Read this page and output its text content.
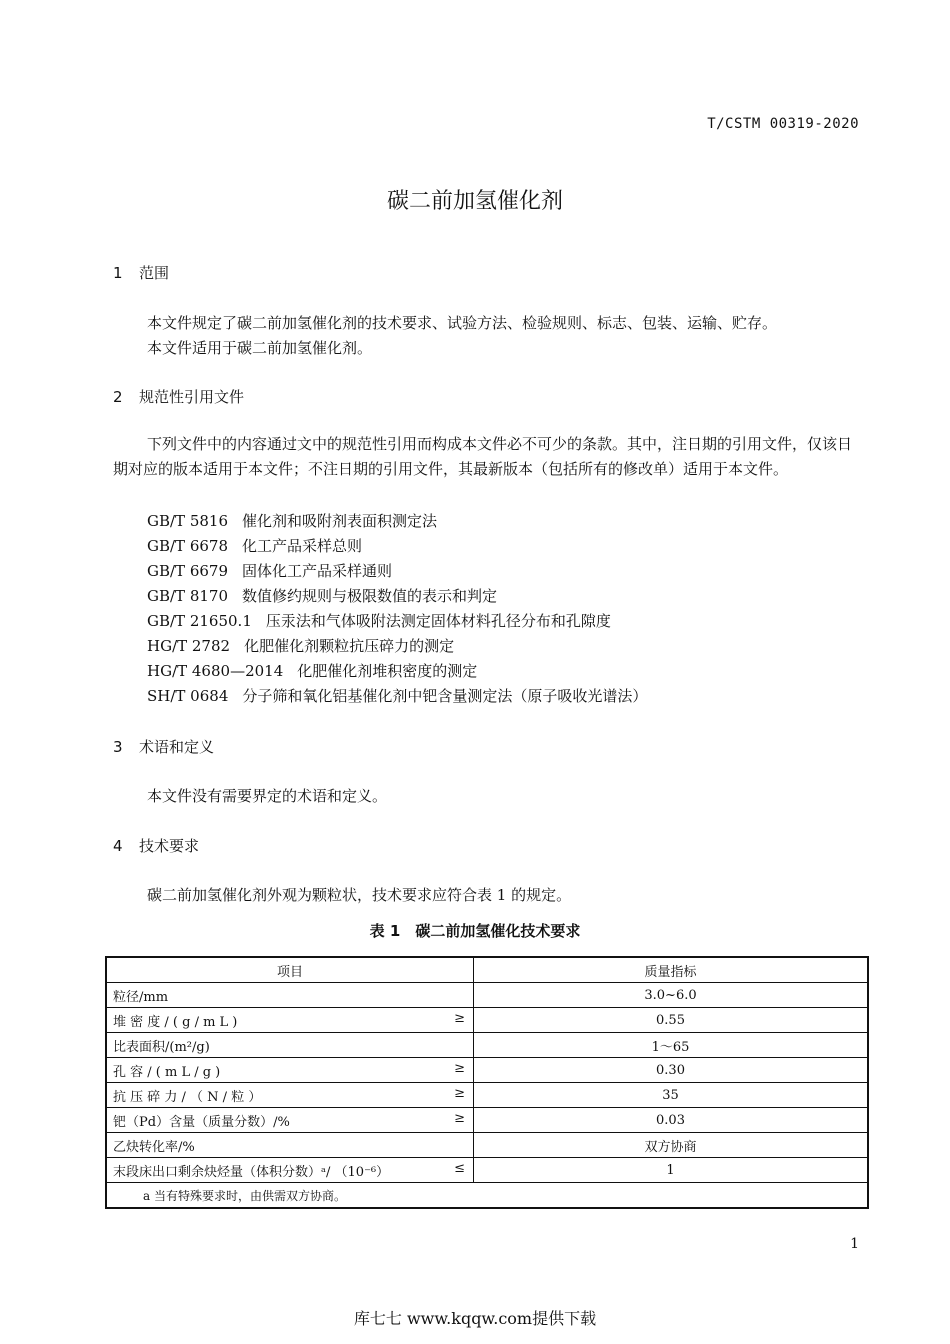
T/CSTM 00319-2020
碳二前加氢催化剂
1 范围
本文件规定了碳二前加氢催化剂的技术要求、试验方法、检验规则、标志、包装、运输、贮存。
本文件适用于碳二前加氢催化剂。
2 规范性引用文件
下列文件中的内容通过文中的规范性引用而构成本文件必不可少的条款。其中，注日期的引用文件，仅该日期对应的版本适用于本文件；不注日期的引用文件，其最新版本（包括所有的修改单）适用于本文件。
GB/T 5816 催化剂和吸附剂表面积测定法
GB/T 6678 化工产品采样总则
GB/T 6679 固体化工产品采样通则
GB/T 8170 数值修约规则与极限数值的表示和判定
GB/T 21650.1 压汞法和气体吸附法测定固体材料孔径分布和孔隙度
HG/T 2782 化肥催化剂颗粒抗压碎力的测定
HG/T 4680—2014 化肥催化剂堆积密度的测定
SH/T 0684 分子筛和氧化铝基催化剂中钯含量测定法（原子吸收光谱法）
3 术语和定义
本文件没有需要界定的术语和定义。
4 技术要求
碳二前加氢催化剂外观为颗粒状，技术要求应符合表 1 的规定。
表 1　碳二前加氢催化技术要求
项目	质量指标
粒径/mm	3.0~6.0
堆 密 度 / ( g / m L ) ≥	0.55
比表面积/(m²/g)	1～65
孔 容 / ( m L / g ) ≥	0.30
抗 压 碎 力 / （ N / 粒 ） ≥	35
钯（Pd）含量（质量分数）/% ≥	0.03
乙炔转化率/%	双方协商
末段床出口剩余炔烃量（体积分数）ᵃ/ （10⁻⁶） ≤	1
a 当有特殊要求时，由供需双方协商。	
1
库七七 www.kqqw.com提供下载
